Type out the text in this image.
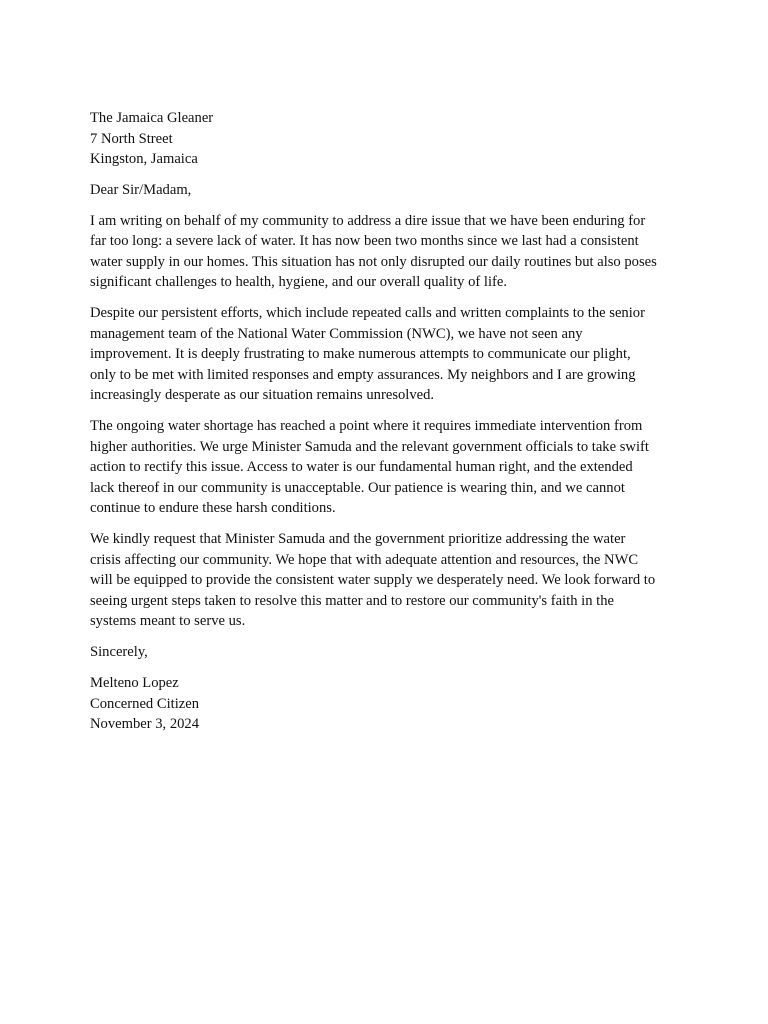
The Jamaica Gleaner
7 North Street
Kingston, Jamaica
Dear Sir/Madam,

I am writing on behalf of my community to address a dire issue that we have been enduring for
far too long: a severe lack of water. It has now been two months since we last had a consistent
water supply in our homes. This situation has not only disrupted our daily routines but also poses
significant challenges to health, hygiene, and our overall quality of life.

Despite our persistent efforts, which include repeated calls and written complaints to the senior
management team of the National Water Commission (NWC), we have not seen any
improvement. It is deeply frustrating to make numerous attempts to communicate our plight,
only to be met with limited responses and empty assurances. My neighbors and I are growing
increasingly desperate as our situation remains unresolved.

The ongoing water shortage has reached a point where it requires immediate intervention from
higher authorities. We urge Minister Samuda and the relevant government officials to take swift
action to rectify this issue. Access to water is our fundamental human right, and the extended
lack thereof in our community is unacceptable. Our patience is wearing thin, and we cannot
continue to endure these harsh conditions.

We kindly request that Minister Samuda and the government prioritize addressing the water
crisis affecting our community. We hope that with adequate attention and resources, the NWC
will be equipped to provide the consistent water supply we desperately need. We look forward to
seeing urgent steps taken to resolve this matter and to restore our community's faith in the
systems meant to serve us.

Sincerely,
Melteno Lopez
Concerned Citizen
November 3, 2024
